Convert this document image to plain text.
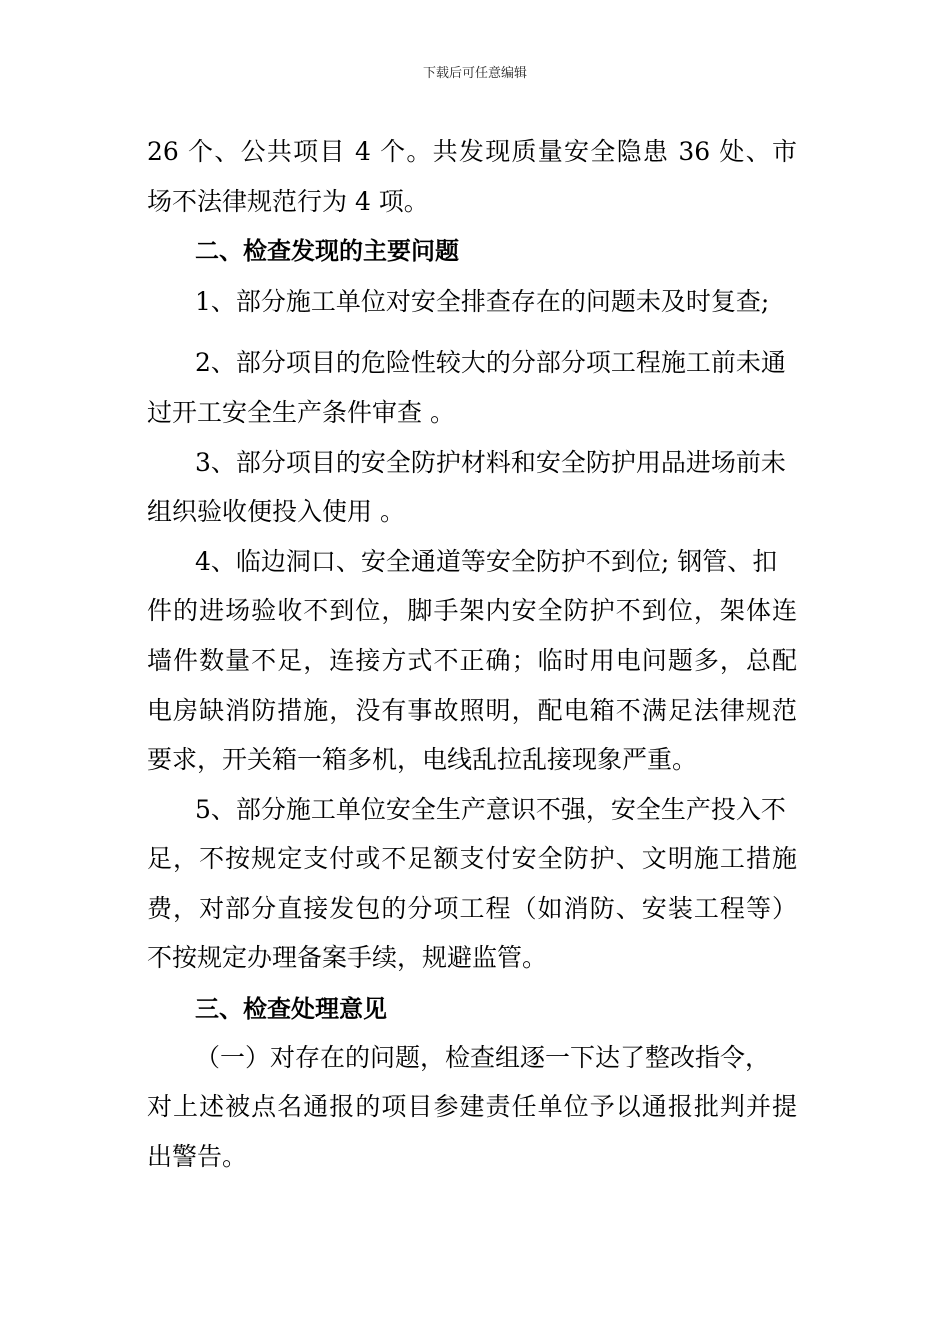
下载后可任意编辑
26 个、公共项目 4 个。共发现质量安全隐患 36 处、市
场不法律规范行为 4 项。
二、检查发现的主要问题
1、部分施工单位对安全排查存在的问题未及时复查;
2、部分项目的危险性较大的分部分项工程施工前未通
过开工安全生产条件审查 。
3、部分项目的安全防护材料和安全防护用品进场前未
组织验收便投入使用 。
4、临边洞口、安全通道等安全防护不到位; 钢管、扣
件的进场验收不到位，脚手架内安全防护不到位，架体连
墙件数量不足，连接方式不正确；临时用电问题多，总配
电房缺消防措施，没有事故照明，配电箱不满足法律规范
要求，开关箱一箱多机，电线乱拉乱接现象严重。
5、部分施工单位安全生产意识不强，安全生产投入不
足，不按规定支付或不足额支付安全防护、文明施工措施
费，对部分直接发包的分项工程（如消防、安装工程等）
不按规定办理备案手续，规避监管。
三、检查处理意见
（一）对存在的问题，检查组逐一下达了整改指令，
对上述被点名通报的项目参建责任单位予以通报批判并提
出警告。
